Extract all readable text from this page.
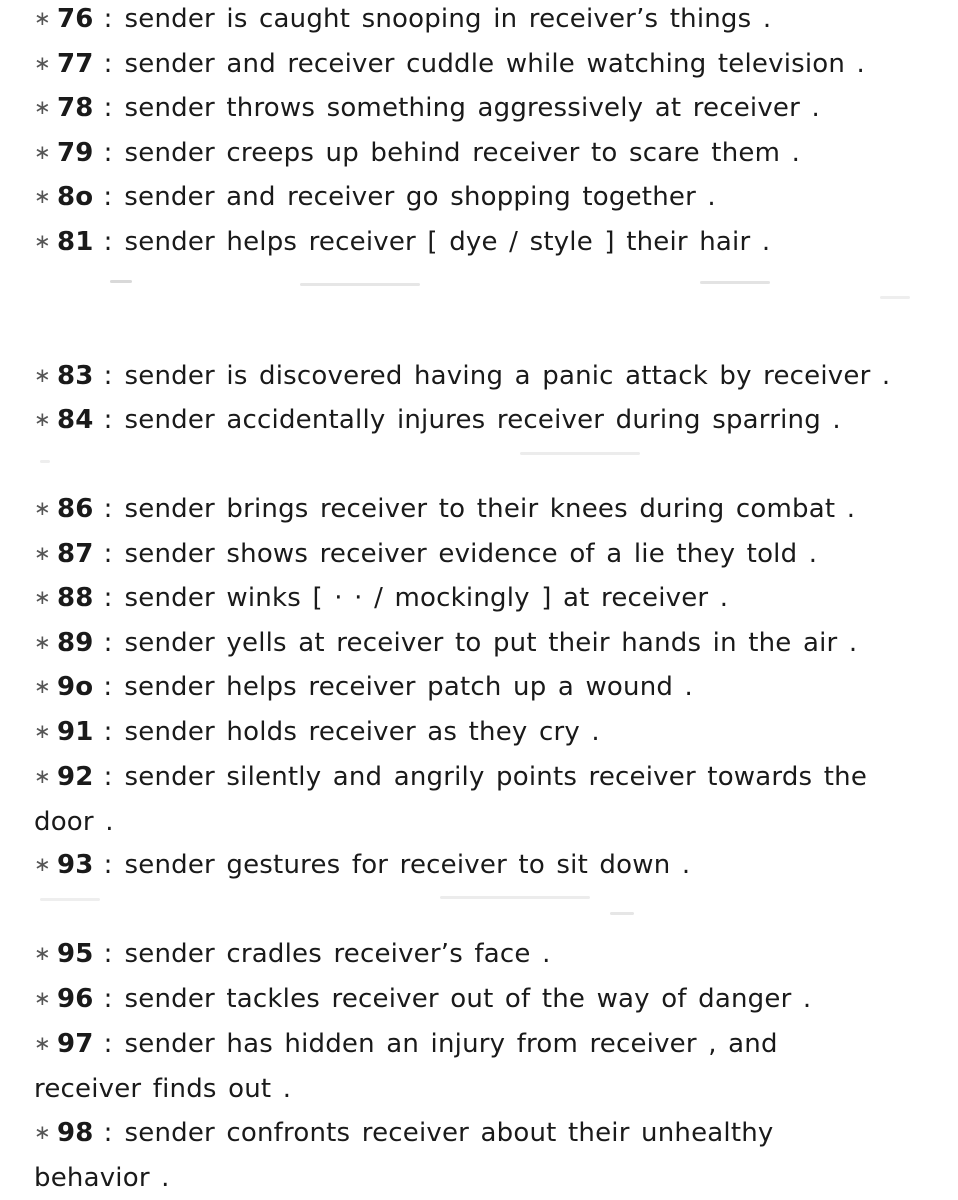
∗ 76 : sender is caught snooping in receiver’s things .
∗ 77 : sender and receiver cuddle while watching television .
∗ 78 : sender throws something aggressively at receiver .
∗ 79 : sender creeps up behind receiver to scare them .
∗ 8o : sender and receiver go shopping together .
∗ 81 : sender helps receiver [ dye / style ] their hair .
∗ 83 : sender is discovered having a panic attack by receiver .
∗ 84 : sender accidentally injures receiver during sparring .
∗ 86 : sender brings receiver to their knees during combat .
∗ 87 : sender shows receiver evidence of a lie they told .
∗ 88 : sender winks [ · · / mockingly ] at receiver .
∗ 89 : sender yells at receiver to put their hands in the air .
∗ 9o : sender helps receiver patch up a wound .
∗ 91 : sender holds receiver as they cry .
∗ 92 : sender silently and angrily points receiver towards the door .
∗ 93 : sender gestures for receiver to sit down .
∗ 95 : sender cradles receiver’s face .
∗ 96 : sender tackles receiver out of the way of danger .
∗ 97 : sender has hidden an injury from receiver , and receiver finds out .
∗ 98 : sender confronts receiver about their unhealthy behavior .
